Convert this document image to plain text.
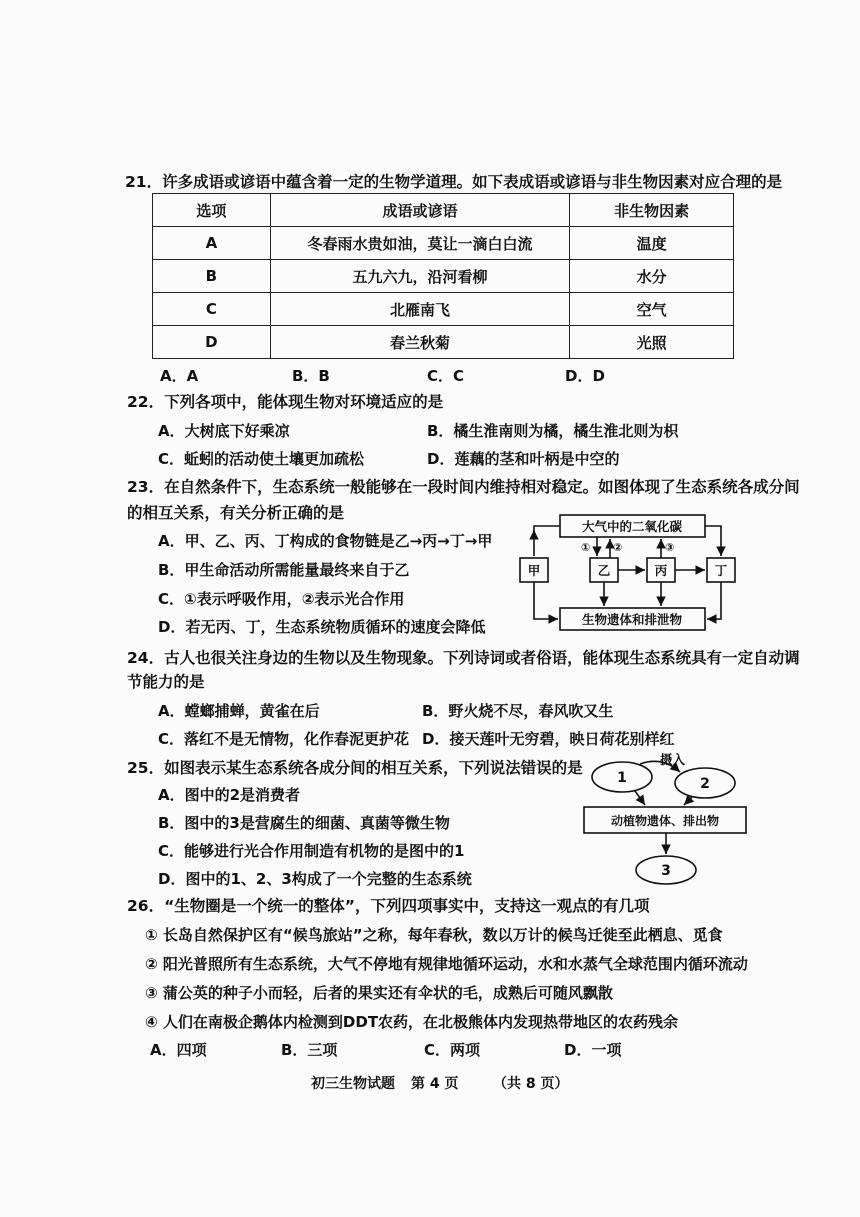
21．许多成语或谚语中蕴含着一定的生物学道理。如下表成语或谚语与非生物因素对应合理的是
选项	成语或谚语	非生物因素
A	冬春雨水贵如油，莫让一滴白白流	温度
B	五九六九，沿河看柳	水分
C	北雁南飞	空气
D	春兰秋菊	光照
A．A	B．B	C．C	D．D
22．下列各项中，能体现生物对环境适应的是
A．大树底下好乘凉	B．橘生淮南则为橘，橘生淮北则为枳
C．蚯蚓的活动使土壤更加疏松	D．莲藕的茎和叶柄是中空的
23．在自然条件下，生态系统一般能够在一段时间内维持相对稳定。如图体现了生态系统各成分间
的相互关系，有关分析正确的是
A．甲、乙、丙、丁构成的食物链是乙→丙→丁→甲
B．甲生命活动所需能量最终来自于乙
C．①表示呼吸作用，②表示光合作用
D．若无丙、丁，生态系统物质循环的速度会降低
大气中的二氧化碳
甲	乙	丙	丁
生物遗体和排泄物
① ②	③
24．古人也很关注身边的生物以及生物现象。下列诗词或者俗语，能体现生态系统具有一定自动调
节能力的是
A．螳螂捕蝉，黄雀在后	B．野火烧不尽，春风吹又生
C．落红不是无情物，化作春泥更护花 D．接天莲叶无穷碧，映日荷花别样红
25．如图表示某生态系统各成分间的相互关系，下列说法错误的是
A．图中的2是消费者
B．图中的3是营腐生的细菌、真菌等微生物
C．能够进行光合作用制造有机物的是图中的1
D．图中的1、2、3构成了一个完整的生态系统
1	2
3
摄入
动植物遗体、排出物
26．“生物圈是一个统一的整体”，下列四项事实中，支持这一观点的有几项
① 长岛自然保护区有“候鸟旅站”之称，每年春秋，数以万计的候鸟迁徙至此栖息、觅食
② 阳光普照所有生态系统，大气不停地有规律地循环运动，水和水蒸气全球范围内循环流动
③ 蒲公英的种子小而轻，后者的果实还有伞状的毛，成熟后可随风飘散
④ 人们在南极企鹅体内检测到DDT农药，在北极熊体内发现热带地区的农药残余
A．四项	B．三项	C．两项	D．一项
初三生物试题 第 4 页 （共 8 页）
